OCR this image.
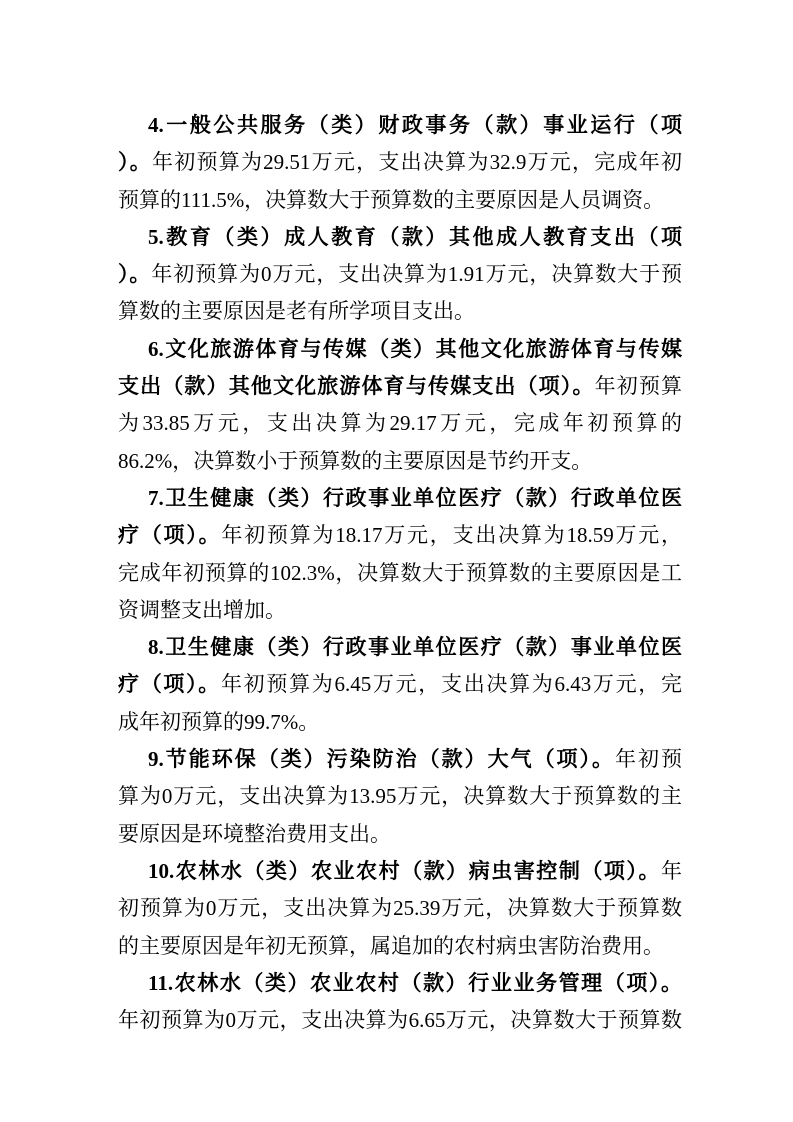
4.一般公共服务（类）财政事务（款）事业运行（项
）。年初预算为29.51万元，支出决算为32.9万元，完成年初
预算的111.5%，决算数大于预算数的主要原因是人员调资。
5.教育（类）成人教育（款）其他成人教育支出（项
）。年初预算为0万元，支出决算为1.91万元，决算数大于预
算数的主要原因是老有所学项目支出。
6.文化旅游体育与传媒（类）其他文化旅游体育与传媒
支出（款）其他文化旅游体育与传媒支出（项）。年初预算
为33.85万元，支出决算为29.17万元，完成年初预算的
86.2%，决算数小于预算数的主要原因是节约开支。
7.卫生健康（类）行政事业单位医疗（款）行政单位医
疗（项）。年初预算为18.17万元，支出决算为18.59万元，
完成年初预算的102.3%，决算数大于预算数的主要原因是工
资调整支出增加。
8.卫生健康（类）行政事业单位医疗（款）事业单位医
疗（项）。年初预算为6.45万元，支出决算为6.43万元，完
成年初预算的99.7%。
9.节能环保（类）污染防治（款）大气（项）。年初预
算为0万元，支出决算为13.95万元，决算数大于预算数的主
要原因是环境整治费用支出。
10.农林水（类）农业农村（款）病虫害控制（项）。年
初预算为0万元，支出决算为25.39万元，决算数大于预算数
的主要原因是年初无预算，属追加的农村病虫害防治费用。
11.农林水（类）农业农村（款）行业业务管理（项）。
年初预算为0万元，支出决算为6.65万元，决算数大于预算数
